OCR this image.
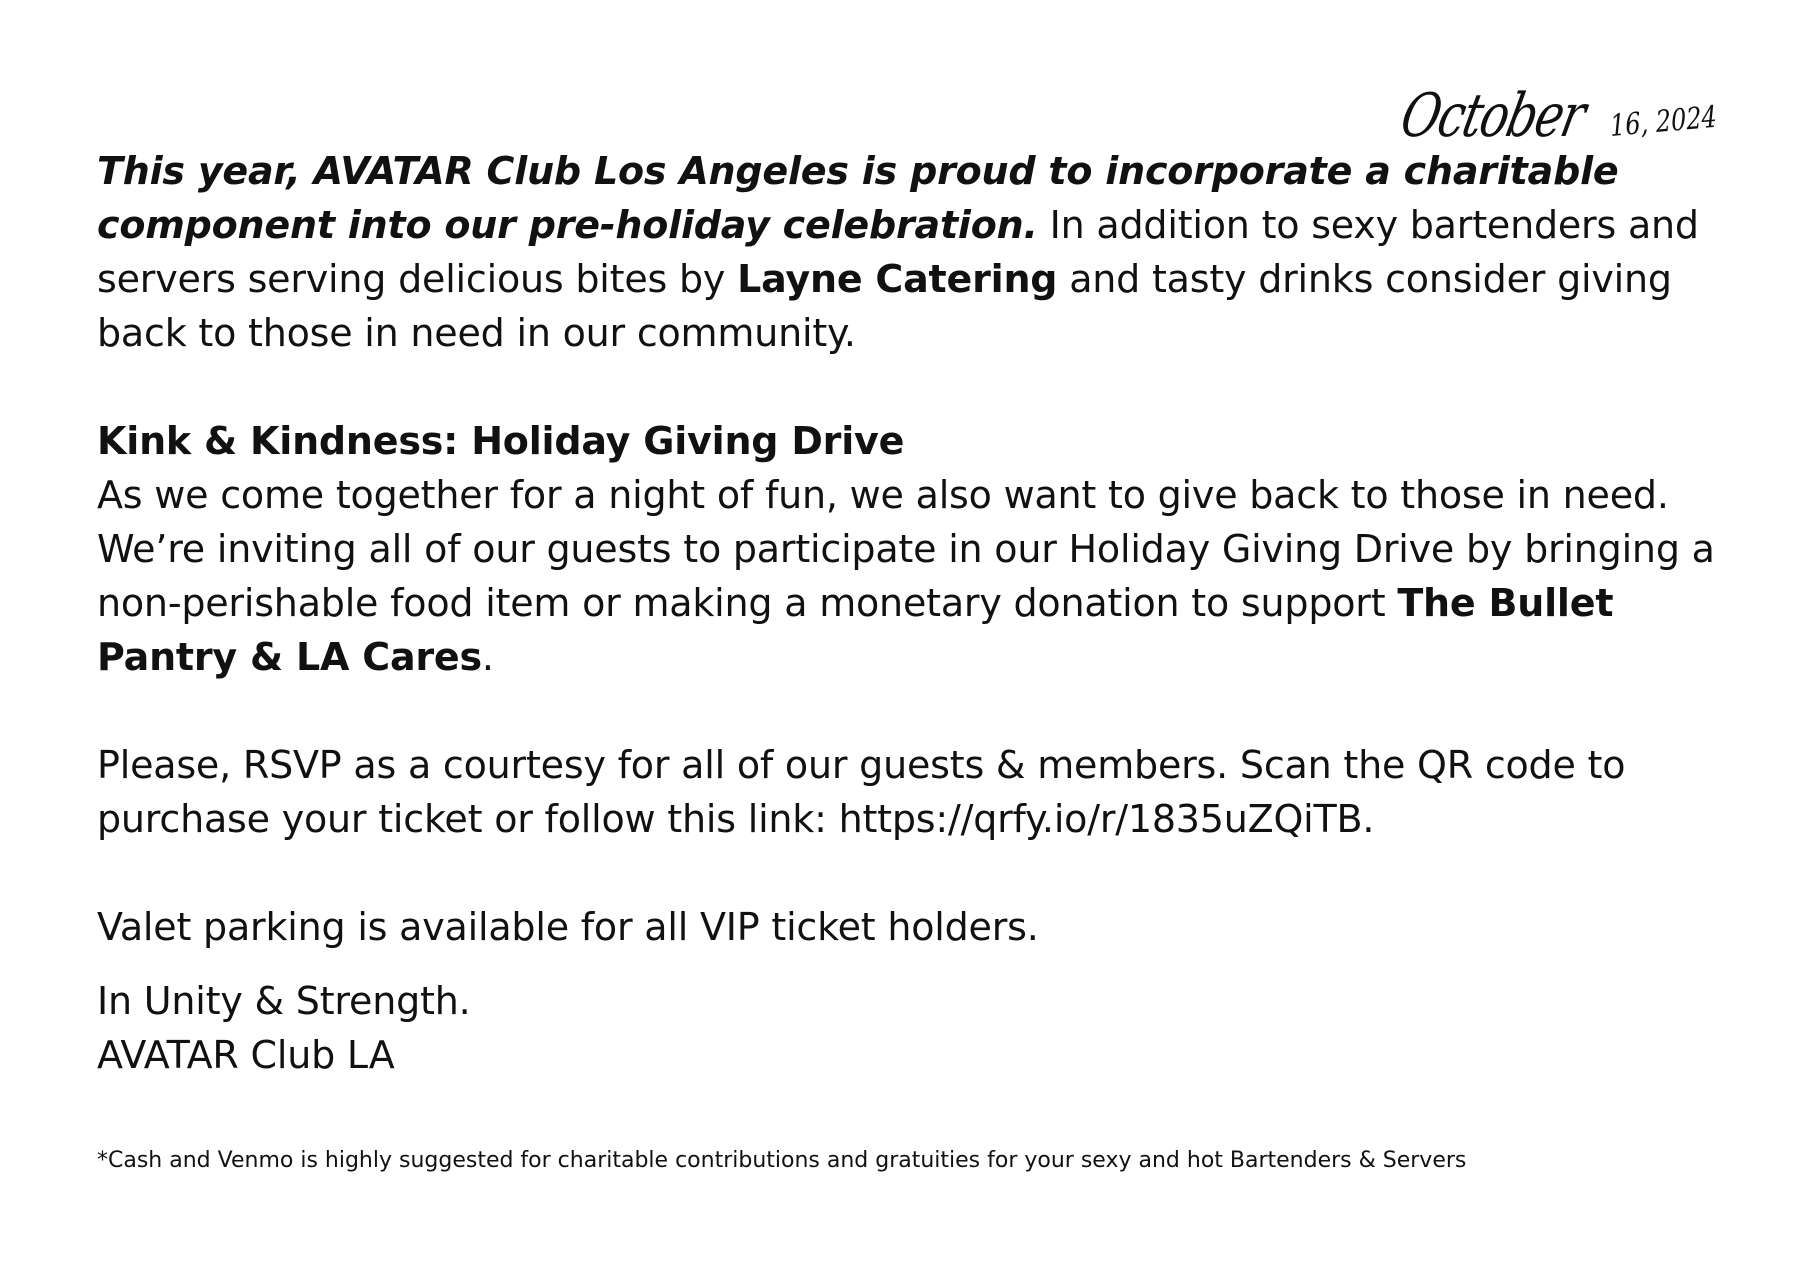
October 16, 2024

This year, AVATAR Club Los Angeles is proud to incorporate a charitable component into our pre-holiday celebration. In addition to sexy bartenders and servers serving delicious bites by Layne Catering and tasty drinks consider giving back to those in need in our community.

Kink & Kindness: Holiday Giving Drive

As we come together for a night of fun, we also want to give back to those in need. We’re inviting all of our guests to participate in our Holiday Giving Drive by bringing a non-perishable food item or making a monetary donation to support The Bullet Pantry & LA Cares.

Please, RSVP as a courtesy for all of our guests & members. Scan the QR code to purchase your ticket or follow this link: https://qrfy.io/r/1835uZQiTB.

Valet parking is available for all VIP ticket holders.

In Unity & Strength.

AVATAR Club LA

*Cash and Venmo is highly suggested for charitable contributions and gratuities for your sexy and hot Bartenders & Servers
